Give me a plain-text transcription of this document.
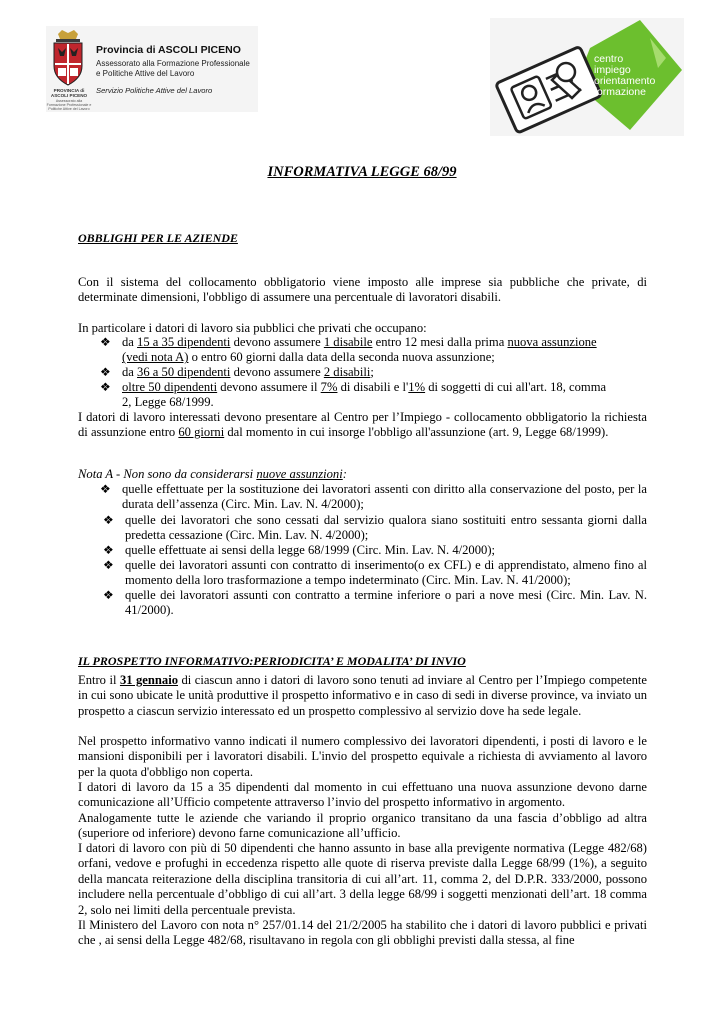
PROVINCIA di
ASCOLI PICENO
Assessorato alla Formazione Professionale e Politiche Attive del Lavoro
Provincia di ASCOLI PICENO
Assessorato alla Formazione Professionale
e Politiche Attive del Lavoro
Servizio Politiche Attive del Lavoro
centro
impiego
orientamento
formazione
INFORMATIVA LEGGE 68/99
OBBLIGHI PER LE AZIENDE

Con il sistema del collocamento obbligatorio viene imposto alle imprese sia pubbliche che private, di determinate dimensioni, l'obbligo di assumere una percentuale di lavoratori disabili.

In particolare i datori di lavoro sia pubblici che privati che occupano:

❖ da 15 a 35 dipendenti devono assumere 1 disabile entro 12 mesi dalla prima nuova assunzione
(vedi nota A) o entro 60 giorni dalla data della seconda nuova assunzione;

❖ da 36 a 50 dipendenti devono assumere 2 disabili;

❖ oltre 50 dipendenti devono assumere il 7% di disabili e l'1% di soggetti di cui all'art. 18, comma
2, Legge 68/1999.

I datori di lavoro interessati devono presentare al Centro per l’Impiego - collocamento obbligatorio la richiesta di assunzione entro 60 giorni dal momento in cui insorge l'obbligo all'assunzione (art. 9, Legge 68/1999).

Nota A - Non sono da considerarsi nuove assunzioni:

❖ quelle effettuate per la sostituzione dei lavoratori assenti con diritto alla conservazione del posto, per la durata dell’assenza (Circ. Min. Lav. N. 4/2000);

❖ quelle dei lavoratori che sono cessati dal servizio qualora siano sostituiti entro sessanta giorni dalla predetta cessazione (Circ. Min. Lav. N. 4/2000);

❖ quelle effettuate ai sensi della legge 68/1999 (Circ. Min. Lav. N. 4/2000);

❖ quelle dei lavoratori assunti con contratto di inserimento(o ex CFL) e di apprendistato, almeno fino al momento della loro trasformazione a tempo indeterminato (Circ. Min. Lav. N. 41/2000);

❖ quelle dei lavoratori assunti con contratto a termine inferiore o pari a nove mesi (Circ. Min. Lav. N. 41/2000).

IL PROSPETTO INFORMATIVO:PERIODICITA’ E MODALITA’ DI INVIO

Entro il 31 gennaio di ciascun anno i datori di lavoro sono tenuti ad inviare al Centro per l’Impiego competente in cui sono ubicate le unità produttive il prospetto informativo e in caso di sedi in diverse province, va inviato un prospetto a ciascun servizio interessato ed un prospetto complessivo al servizio dove ha sede legale.

Nel prospetto informativo vanno indicati il numero complessivo dei lavoratori dipendenti, i posti di lavoro e le mansioni disponibili per i lavoratori disabili. L'invio del prospetto equivale a richiesta di avviamento al lavoro per la quota d'obbligo non coperta.

I datori di lavoro da 15 a 35 dipendenti dal momento in cui effettuano una nuova assunzione devono darne comunicazione all’Ufficio competente attraverso l’invio del prospetto informativo in argomento.

Analogamente tutte le aziende che variando il proprio organico transitano da una fascia d’obbligo ad altra (superiore od inferiore) devono farne comunicazione all’ufficio.

I datori di lavoro con più di 50 dipendenti che hanno assunto in base alla previgente normativa (Legge 482/68) orfani, vedove e profughi in eccedenza rispetto alle quote di riserva previste dalla Legge 68/99 (1%), a seguito della mancata reiterazione della disciplina transitoria di cui all’art. 11, comma 2, del D.P.R. 333/2000, possono includere nella percentuale d’obbligo di cui all’art. 3 della legge 68/99 i soggetti menzionati dell’art. 18 comma 2, solo nei limiti della percentuale prevista.

Il Ministero del Lavoro con nota n° 257/01.14 del 21/2/2005 ha stabilito che i datori di lavoro pubblici e privati che , ai sensi della Legge 482/68, risultavano in regola con gli obblighi previsti dalla stessa, al fine
